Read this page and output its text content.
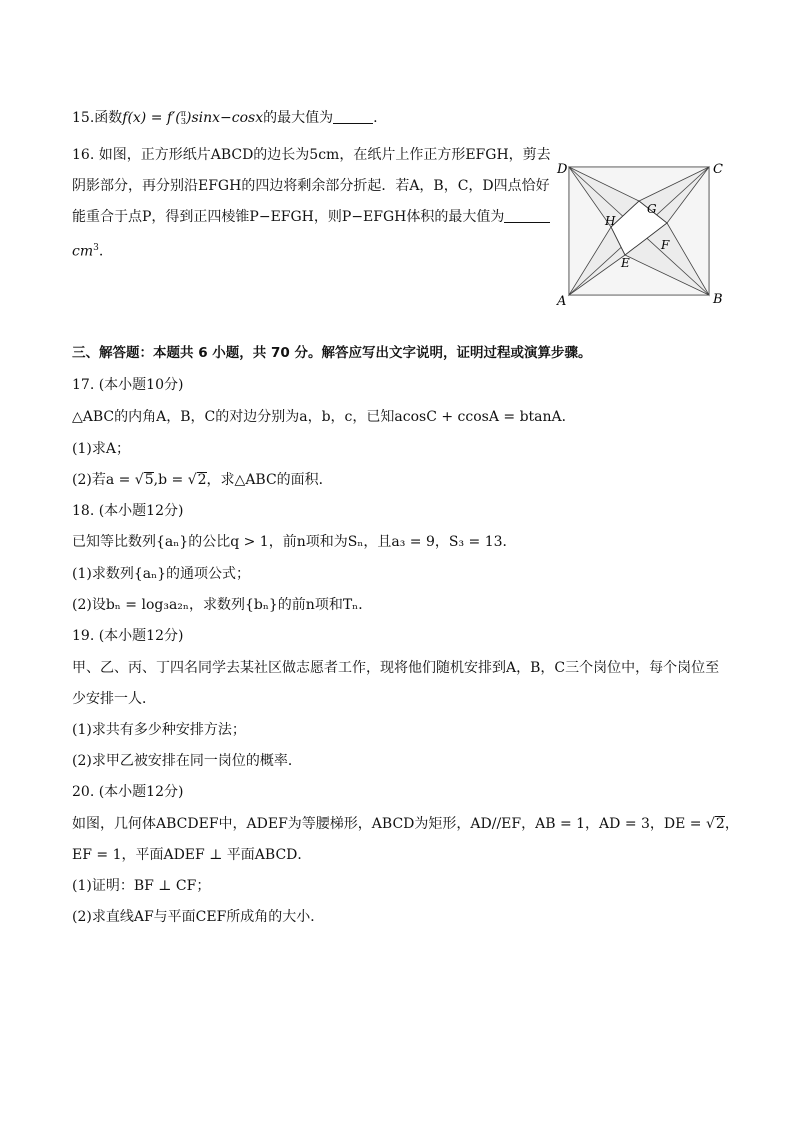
15.函数f(x) = f′( π
3 )sinx−cosx的最大值为	.
16. 如图，正方形纸片ABCD的边长为5cm，在纸片上作正方形EFGH，剪去
阴影部分，再分别沿EFGH的四边将剩余部分折起．若A，B，C，D四点恰好
能重合于点P，得到正四棱锥P−EFGH，则P−EFGH体积的最大值为
$cm^3$.
D	C
A	B
E
F
G
H
三、解答题：本题共 6 小题，共 70 分。解答应写出文字说明，证明过程或演算步骤。
17. (本小题10分)
△ABC的内角A，B，C的对边分别为a，b，c，已知acosC + ccosA = btanA．
(1)求A；
(2)若a = √5,b = √2，求△ABC的面积．
18. (本小题12分)
已知等比数列{aₙ}的公比q > 1，前n项和为Sₙ，且a₃ = 9，S₃ = 13．
(1)求数列{aₙ}的通项公式；
(2)设bₙ = log₃a₂ₙ，求数列{bₙ}的前n项和Tₙ．
19. (本小题12分)
甲、乙、丙、丁四名同学去某社区做志愿者工作，现将他们随机安排到A，B，C三个岗位中，每个岗位至
少安排一人．
(1)求共有多少种安排方法；
(2)求甲乙被安排在同一岗位的概率．
20. (本小题12分)
如图，几何体ABCDEF中，ADEF为等腰梯形，ABCD为矩形，AD//EF，AB = 1，AD = 3，DE = √2，
EF = 1，平面ADEF ⊥ 平面ABCD．
(1)证明：BF ⊥ CF；
(2)求直线AF与平面CEF所成角的大小．
